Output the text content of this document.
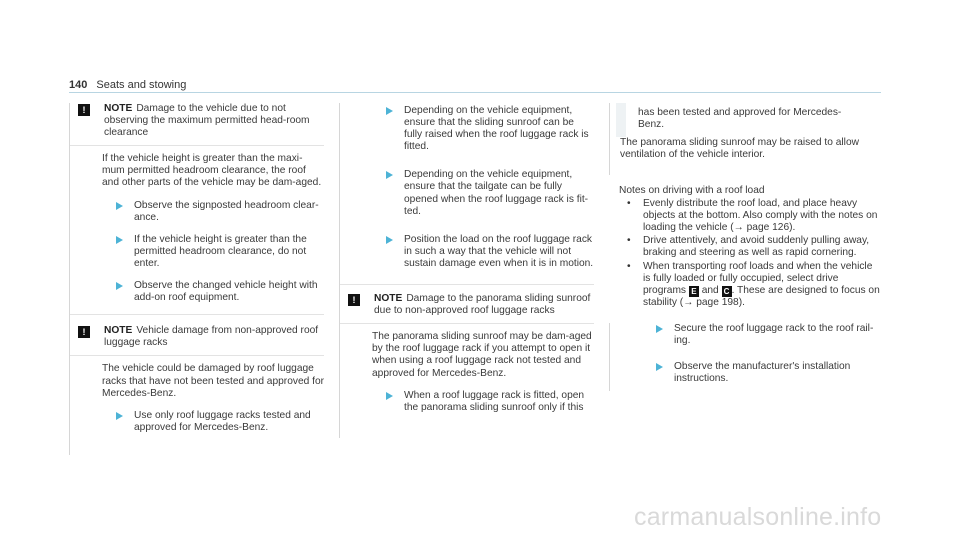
140 Seats and stowing
!	NOTE Damage to the vehicle due to not observing the maximum permitted head-room clearance
If the vehicle height is greater than the maxi-mum permitted headroom clearance, the roof and other parts of the vehicle may be dam-aged.
Observe the signposted headroom clear-ance.
If the vehicle height is greater than the permitted headroom clearance, do not enter.
Observe the changed vehicle height with add-on roof equipment.
!	NOTE Vehicle damage from non-approved roof luggage racks
The vehicle could be damaged by roof luggage racks that have not been tested and approved for Mercedes-Benz.
Use only roof luggage racks tested and approved for Mercedes-Benz.
Depending on the vehicle equipment, ensure that the sliding sunroof can be fully raised when the roof luggage rack is fitted.
Depending on the vehicle equipment, ensure that the tailgate can be fully opened when the roof luggage rack is fit-ted.
Position the load on the roof luggage rack in such a way that the vehicle will not sustain damage even when it is in motion.
!	NOTE Damage to the panorama sliding sunroof due to non-approved roof luggage racks
The panorama sliding sunroof may be dam-aged by the roof luggage rack if you attempt to open it when using a roof luggage rack not tested and approved for Mercedes-Benz.
When a roof luggage rack is fitted, open the panorama sliding sunroof only if this
has been tested and approved for Mercedes-Benz.
The panorama sliding sunroof may be raised to allow ventilation of the vehicle interior.
Notes on driving with a roof load
• Evenly distribute the roof load, and place heavy objects at the bottom. Also comply with the notes on loading the vehicle (→ page 126).
• Drive attentively, and avoid suddenly pulling away, braking and steering as well as rapid cornering.
• When transporting roof loads and when the vehicle is fully loaded or fully occupied, select drive programs E and C . These are designed to focus on stability (→ page 198).
Secure the roof luggage rack to the roof rail-ing.
Observe the manufacturer's installation instructions.
carmanualsonline.info
